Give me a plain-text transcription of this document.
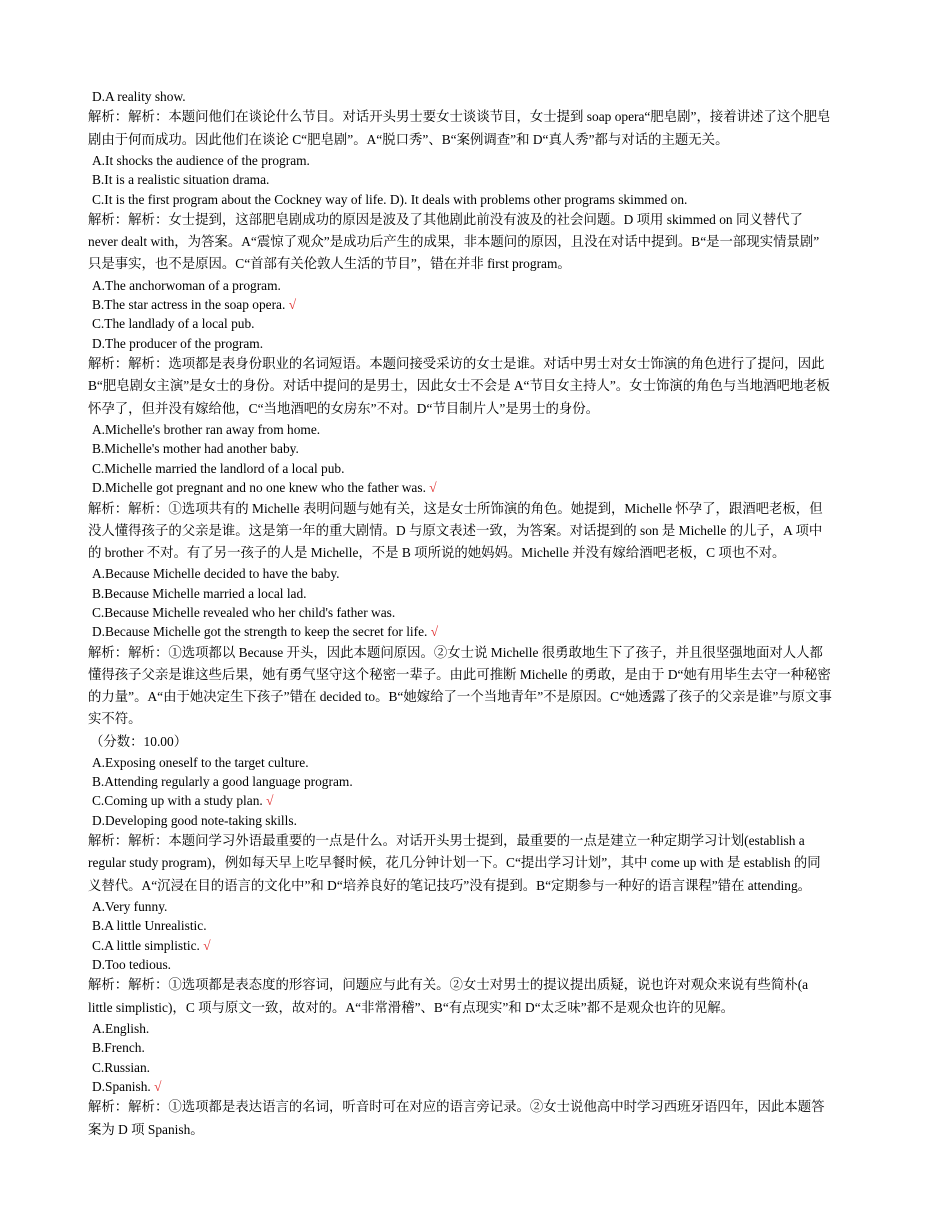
D.A reality show.
解析：解析：本题问他们在谈论什么节目。对话开头男士要女士谈谈节目，女士提到 soap opera“肥皂剧”，接着讲述了这个肥皂
剧由于何而成功。因此他们在谈论 C“肥皂剧”。A“脱口秀”、B“案例调查”和 D“真人秀”都与对话的主题无关。
A.It shocks the audience of the program.
B.It is a realistic situation drama.
C.It is the first program about the Cockney way of life. D). It deals with problems other programs skimmed on.
解析：解析：女士提到，这部肥皂剧成功的原因是波及了其他剧此前没有波及的社会问题。D 项用 skimmed on 同义替代了
never dealt with，为答案。A“震惊了观众”是成功后产生的成果，非本题问的原因，且没在对话中提到。B“是一部现实情景剧”
只是事实，也不是原因。C“首部有关伦敦人生活的节目”，错在并非 first program。
A.The anchorwoman of a program.
B.The star actress in the soap opera. √
C.The landlady of a local pub.
D.The producer of the program.
解析：解析：选项都是表身份职业的名词短语。本题问接受采访的女士是谁。对话中男士对女士饰演的角色进行了提问，因此
B“肥皂剧女主演”是女士的身份。对话中提问的是男士，因此女士不会是 A“节目女主持人”。女士饰演的角色与当地酒吧地老板
怀孕了，但并没有嫁给他，C“当地酒吧的女房东”不对。D“节目制片人”是男士的身份。
A.Michelle's brother ran away from home.
B.Michelle's mother had another baby.
C.Michelle married the landlord of a local pub.
D.Michelle got pregnant and no one knew who the father was. √
解析：解析：①选项共有的 Michelle 表明问题与她有关，这是女士所饰演的角色。她提到，Michelle 怀孕了，跟酒吧老板，但
没人懂得孩子的父亲是谁。这是第一年的重大剧情。D 与原文表述一致，为答案。对话提到的 son 是 Michelle 的儿子，A 项中
的 brother 不对。有了另一孩子的人是 Michelle，不是 B 项所说的她妈妈。Michelle 并没有嫁给酒吧老板，C 项也不对。
A.Because Michelle decided to have the baby.
B.Because Michelle married a local lad.
C.Because Michelle revealed who her child's father was.
D.Because Michelle got the strength to keep the secret for life. √
解析：解析：①选项都以 Because 开头，因此本题问原因。②女士说 Michelle 很勇敢地生下了孩子，并且很坚强地面对人人都
懂得孩子父亲是谁这些后果，她有勇气坚守这个秘密一辈子。由此可推断 Michelle 的勇敢，是由于 D“她有用毕生去守一种秘密
的力量”。A“由于她决定生下孩子”错在 decided to。B“她嫁给了一个当地青年”不是原因。C“她透露了孩子的父亲是谁”与原文事
实不符。
（分数：10.00）
A.Exposing oneself to the target culture.
B.Attending regularly a good language program.
C.Coming up with a study plan. √
D.Developing good note-taking skills.
解析：解析：本题问学习外语最重要的一点是什么。对话开头男士提到，最重要的一点是建立一种定期学习计划(establish a
regular study program)，例如每天早上吃早餐时候，花几分钟计划一下。C“提出学习计划”，其中 come up with 是 establish 的同
义替代。A“沉浸在目的语言的文化中”和 D“培养良好的笔记技巧”没有提到。B“定期参与一种好的语言课程”错在 attending。
A.Very funny.
B.A little Unrealistic.
C.A little simplistic. √
D.Too tedious.
解析：解析：①选项都是表态度的形容词，问题应与此有关。②女士对男士的提议提出质疑，说也许对观众来说有些简朴(a
little simplistic)，C 项与原文一致，故对的。A“非常滑稽”、B“有点现实”和 D“太乏味”都不是观众也许的见解。
A.English.
B.French.
C.Russian.
D.Spanish. √
解析：解析：①选项都是表达语言的名词，听音时可在对应的语言旁记录。②女士说他高中时学习西班牙语四年，因此本题答
案为 D 项 Spanish。
